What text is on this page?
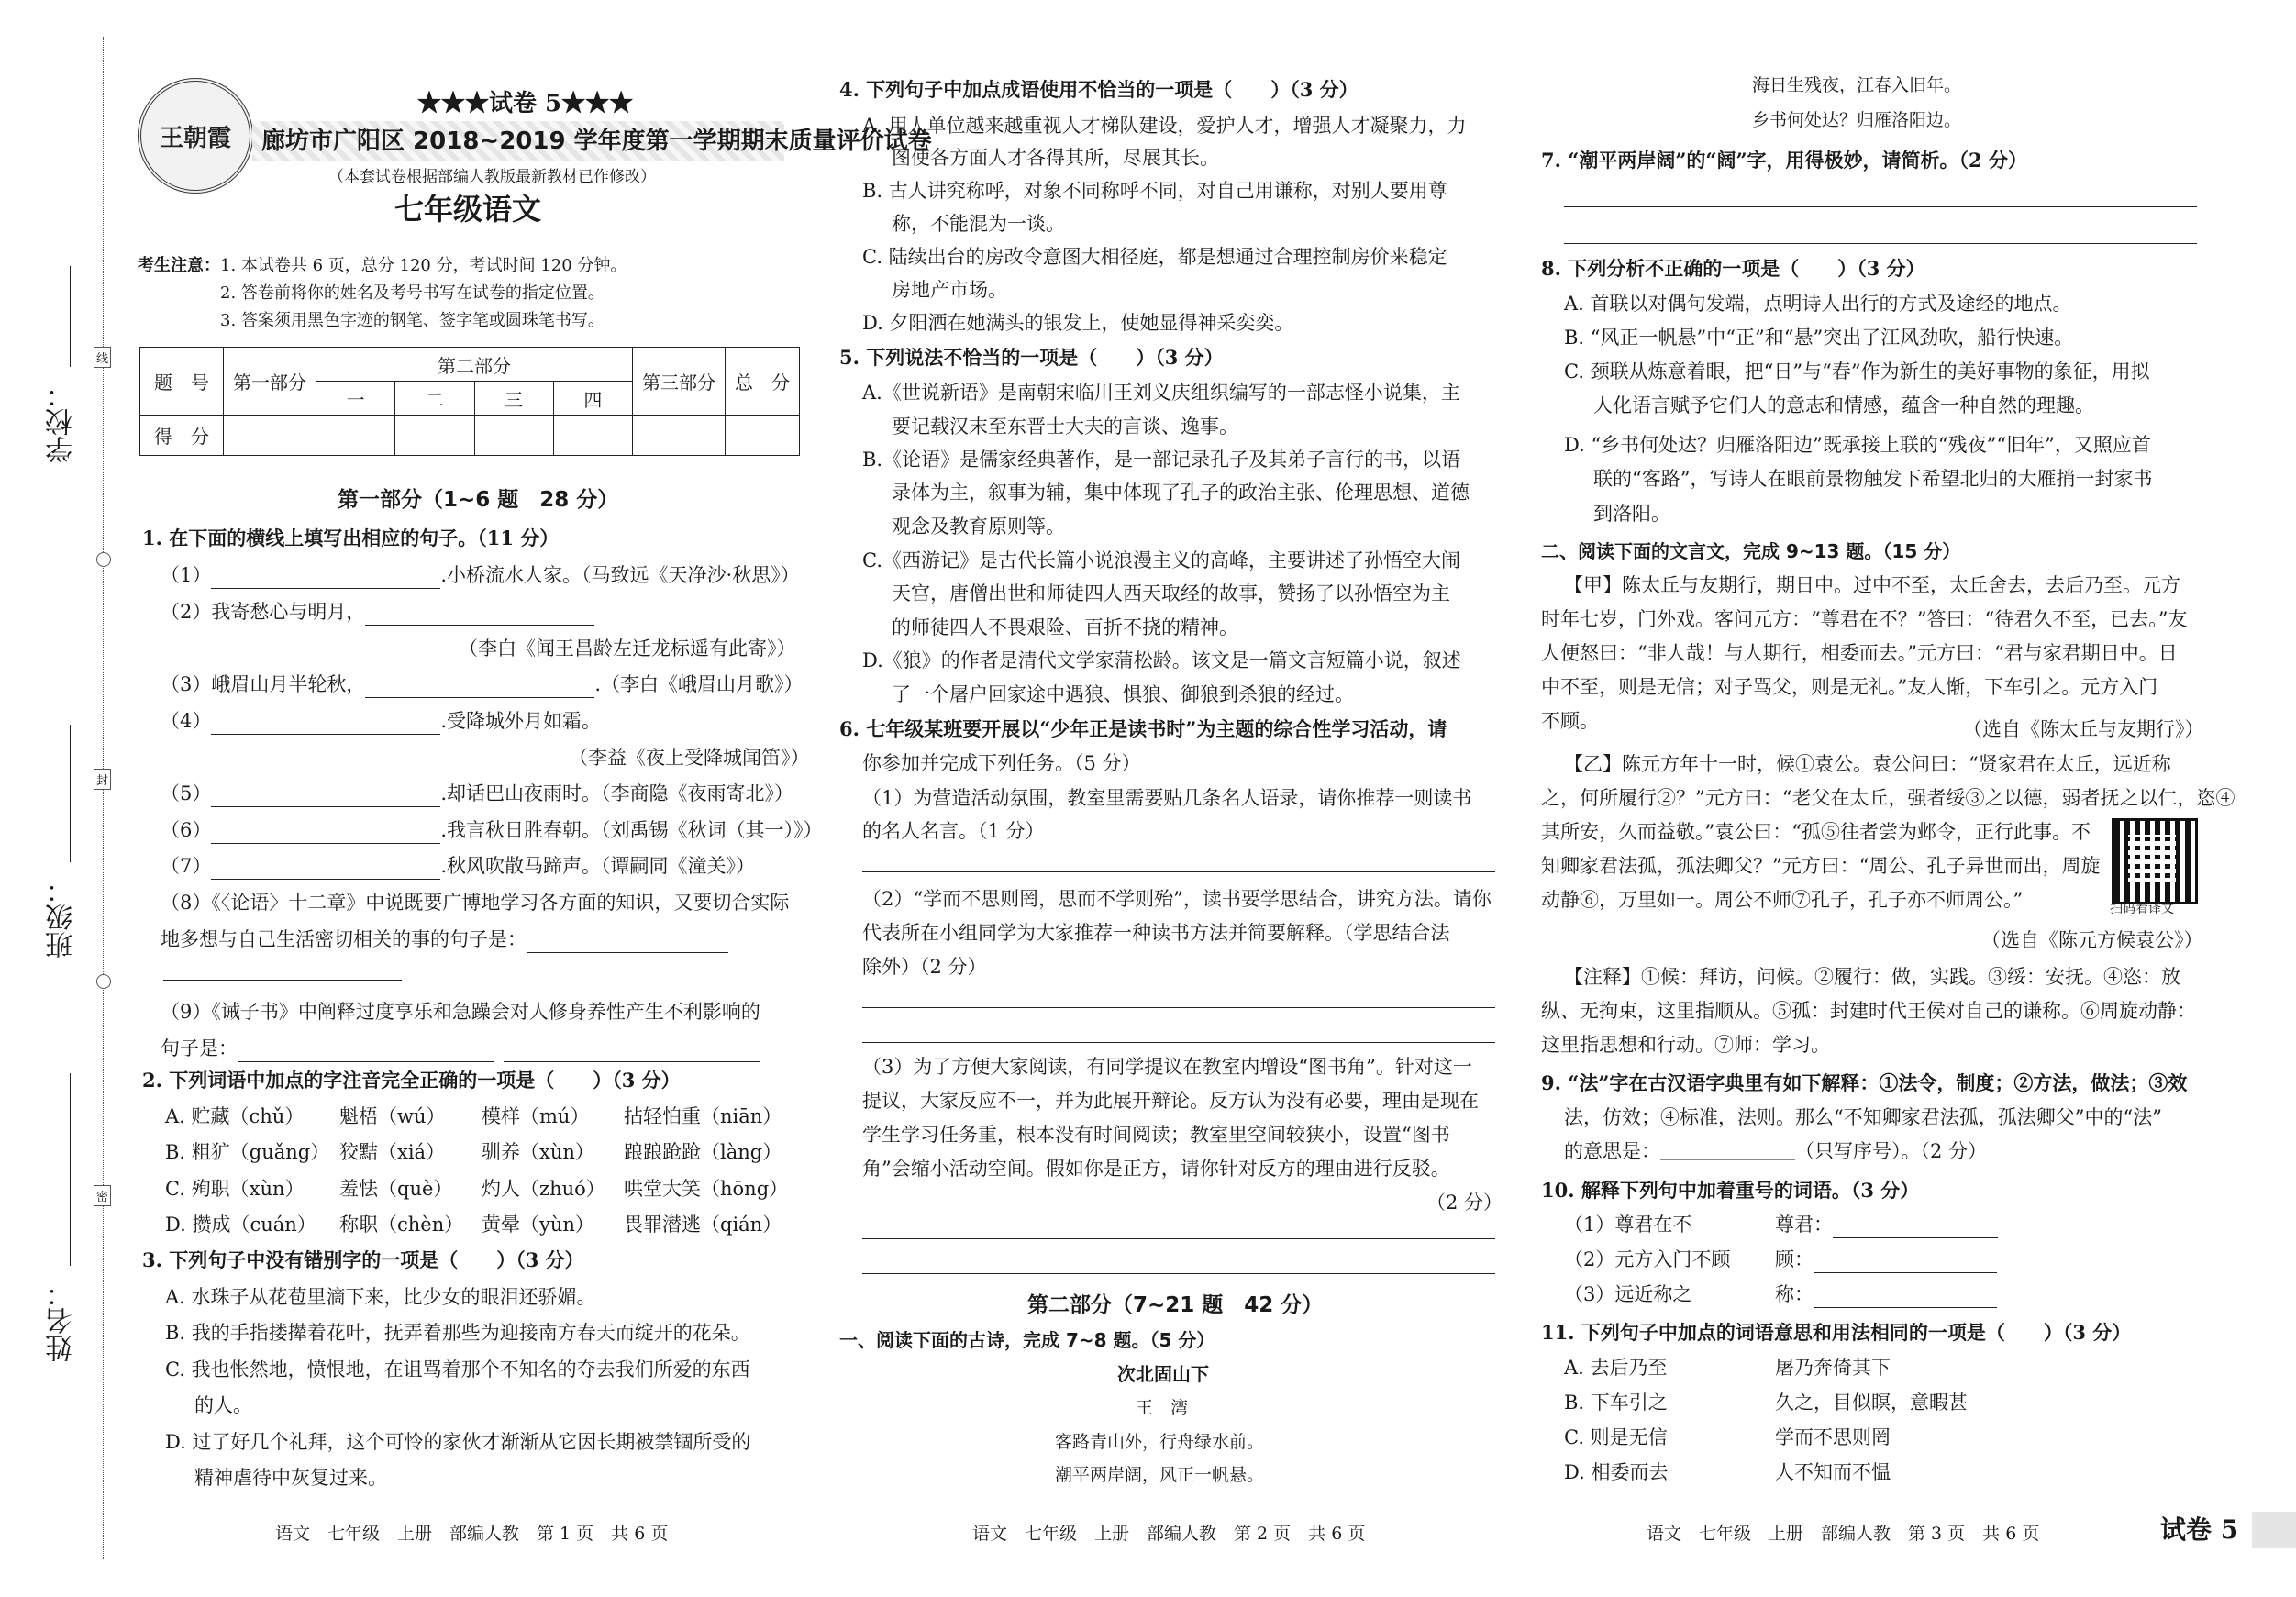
学校：
班级：
姓名：
线
封
密
王朝霞
★★★试卷 5★★★
廊坊市广阳区 2018~2019 学年度第一学期期末质量评价试卷
（本套试卷根据部编人教版最新教材已作修改）
七年级语文
考生注意： 1. 本试卷共 6 页，总分 120 分，考试时间 120 分钟。
2. 答卷前将你的姓名及考号书写在试卷的指定位置。
3. 答案须用黑色字迹的钢笔、签字笔或圆珠笔书写。
题　号	第一部分	第二部分				第三部分	总　分
		一	二	三	四		
得　分							
第一部分（1~6 题　28 分）
1. 在下面的横线上填写出相应的句子。（11 分）
（1）	.小桥流水人家。（马致远《天净沙·秋思》）
（2）我寄愁心与明月，
（李白《闻王昌龄左迁龙标遥有此寄》）
（3）峨眉山月半轮秋，	.（李白《峨眉山月歌》）
（4）	.受降城外月如霜。
（李益《夜上受降城闻笛》）
（5）	.却话巴山夜雨时。（李商隐《夜雨寄北》）
（6）	.我言秋日胜春朝。（刘禹锡《秋词（其一）》）
（7）	.秋风吹散马蹄声。（谭嗣同《潼关》）
（8）《〈论语〉十二章》中说既要广博地学习各方面的知识，又要切合实际
地多想与自己生活密切相关的事的句子是：
（9）《诫子书》中阐释过度享乐和急躁会对人修身养性产生不利影响的
句子是：
2. 下列词语中加点的字注音完全正确的一项是（　　）（3 分）
A. 贮藏（chǔ） 魁梧（wú） 模样（mú） 拈轻怕重（niān）
B. 粗犷（guǎng） 狡黠（xiá） 驯养（xùn） 踉踉跄跄（làng）
C. 殉职（xùn） 羞怯（què） 灼人（zhuó） 哄堂大笑（hōng）
D. 攒成（cuán） 称职（chèn） 黄晕（yùn） 畏罪潜逃（qián）
3. 下列句子中没有错别字的一项是（　　）（3 分）
A. 水珠子从花苞里滴下来，比少女的眼泪还骄媚。
B. 我的手指搂撵着花叶，抚弄着那些为迎接南方春天而绽开的花朵。
C. 我也怅然地，愤恨地，在诅骂着那个不知名的夺去我们所爱的东西
的人。
D. 过了好几个礼拜，这个可怜的家伙才渐渐从它因长期被禁锢所受的
精神虐待中灰复过来。
语文　七年级　上册　部编人教　第 1 页　共 6 页
4. 下列句子中加点成语使用不恰当的一项是（　　）（3 分）
A. 用人单位越来越重视人才梯队建设，爱护人才，增强人才凝聚力，力
图使各方面人才各得其所，尽展其长。
B. 古人讲究称呼，对象不同称呼不同，对自己用谦称，对别人要用尊
称，不能混为一谈。
C. 陆续出台的房改令意图大相径庭，都是想通过合理控制房价来稳定
房地产市场。
D. 夕阳洒在她满头的银发上，使她显得神采奕奕。
5. 下列说法不恰当的一项是（　　）（3 分）
A.《世说新语》是南朝宋临川王刘义庆组织编写的一部志怪小说集，主
要记载汉末至东晋士大夫的言谈、逸事。
B.《论语》是儒家经典著作，是一部记录孔子及其弟子言行的书，以语
录体为主，叙事为辅，集中体现了孔子的政治主张、伦理思想、道德
观念及教育原则等。
C.《西游记》是古代长篇小说浪漫主义的高峰，主要讲述了孙悟空大闹
天宫，唐僧出世和师徒四人西天取经的故事，赞扬了以孙悟空为主
的师徒四人不畏艰险、百折不挠的精神。
D.《狼》的作者是清代文学家蒲松龄。该文是一篇文言短篇小说，叙述
了一个屠户回家途中遇狼、惧狼、御狼到杀狼的经过。
6. 七年级某班要开展以“少年正是读书时”为主题的综合性学习活动，请
你参加并完成下列任务。（5 分）
（1）为营造活动氛围，教室里需要贴几条名人语录，请你推荐一则读书
的名人名言。（1 分）
（2）“学而不思则罔，思而不学则殆”，读书要学思结合，讲究方法。请你
代表所在小组同学为大家推荐一种读书方法并简要解释。（学思结合法
除外）（2 分）
（3）为了方便大家阅读，有同学提议在教室内增设“图书角”。针对这一
提议，大家反应不一，并为此展开辩论。反方认为没有必要，理由是现在
学生学习任务重，根本没有时间阅读；教室里空间较狭小，设置“图书
角”会缩小活动空间。假如你是正方，请你针对反方的理由进行反驳。
（2 分）
第二部分（7~21 题　42 分）
一、阅读下面的古诗，完成 7~8 题。（5 分）
次北固山下
王　湾
客路青山外，行舟绿水前。
潮平两岸阔，风正一帆悬。
语文　七年级　上册　部编人教　第 2 页　共 6 页
海日生残夜，江春入旧年。
乡书何处达？归雁洛阳边。
7. “潮平两岸阔”的“阔”字，用得极妙，请简析。（2 分）
8. 下列分析不正确的一项是（　　）（3 分）
A. 首联以对偶句发端，点明诗人出行的方式及途经的地点。
B. “风正一帆悬”中“正”和“悬”突出了江风劲吹，船行快速。
C. 颈联从炼意着眼，把“日”与“春”作为新生的美好事物的象征，用拟
人化语言赋予它们人的意志和情感，蕴含一种自然的理趣。
D. “乡书何处达？归雁洛阳边”既承接上联的“残夜”“旧年”，又照应首
联的“客路”，写诗人在眼前景物触发下希望北归的大雁捎一封家书
到洛阳。
二、阅读下面的文言文，完成 9~13 题。（15 分）
【甲】陈太丘与友期行，期日中。过中不至，太丘舍去，去后乃至。元方
时年七岁，门外戏。客问元方：“尊君在不？”答曰：“待君久不至，已去。”友
人便怒曰：“非人哉！与人期行，相委而去。”元方曰：“君与家君期日中。日
中不至，则是无信；对子骂父，则是无礼。”友人惭，下车引之。元方入门
不顾。	（选自《陈太丘与友期行》）
【乙】陈元方年十一时，候①袁公。袁公问曰：“贤家君在太丘，远近称
之，何所履行②？”元方曰：“老父在太丘，强者绥③之以德，弱者抚之以仁，恣④
其所安，久而益敬。”袁公曰：“孤⑤往者尝为邺令，正行此事。不
知卿家君法孤，孤法卿父？”元方曰：“周公、孔子异世而出，周旋
动静⑥，万里如一。周公不师⑦孔子，孔子亦不师周公。”	扫码看译文
（选自《陈元方候袁公》）
【注释】①候：拜访，问候。②履行：做，实践。③绥：安抚。④恣：放
纵、无拘束，这里指顺从。⑤孤：封建时代王侯对自己的谦称。⑥周旋动静：
这里指思想和行动。⑦师：学习。
9. “法”字在古汉语字典里有如下解释：①法令，制度；②方法，做法；③效
法，仿效；④标准，法则。那么“不知卿家君法孤，孤法卿父”中的“法”
的意思是：＿＿＿＿＿＿＿（只写序号）。（2 分）
10. 解释下列句中加着重号的词语。（3 分）
（1）尊君在不	尊君：
（2）元方入门不顾 顾：
（3）远近称之	称：
11. 下列句子中加点的词语意思和用法相同的一项是（　　）（3 分）
A. 去后乃至	屠乃奔倚其下
B. 下车引之	久之，目似瞑，意暇甚
C. 则是无信	学而不思则罔
D. 相委而去	人不知而不愠
语文　七年级　上册　部编人教　第 3 页　共 6 页	试卷 5
